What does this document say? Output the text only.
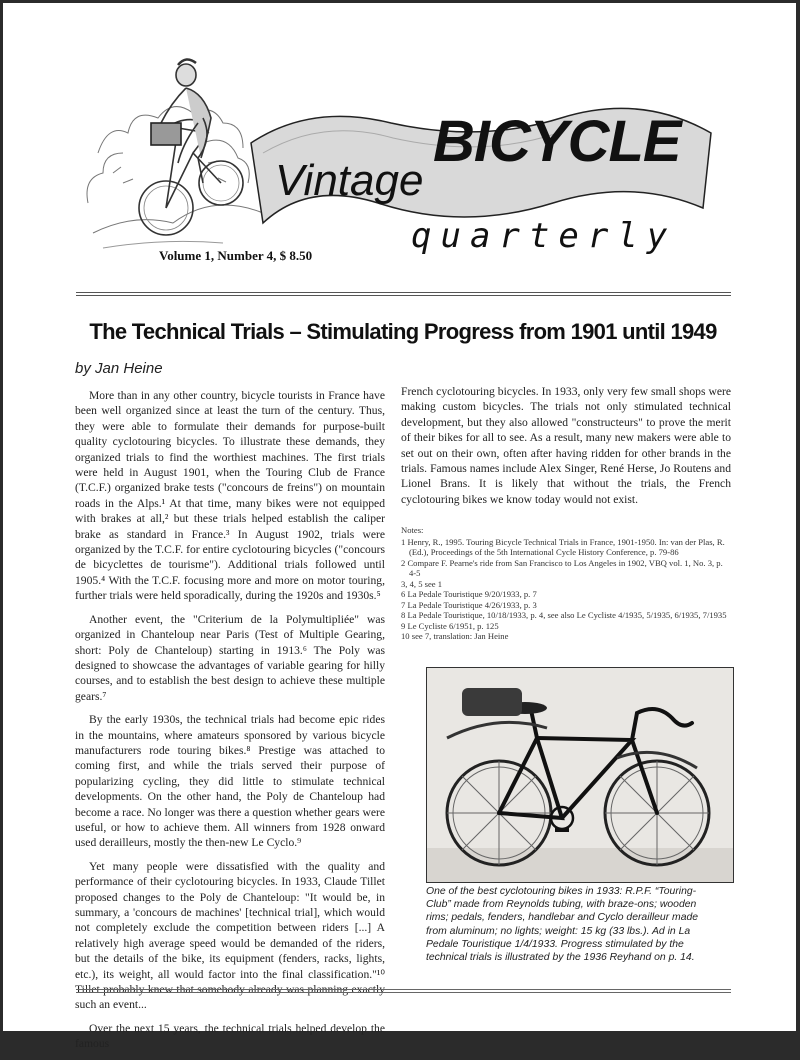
Vintage
BICYCLE
quarterly
Volume 1, Number 4, $ 8.50
The Technical Trials – Stimulating Progress from 1901 until 1949
by Jan Heine

More than in any other country, bicycle tourists in France have been well organized since at least the turn of the century. Thus, they were able to formulate their demands for purpose-built quality cyclotouring bicycles. To illustrate these demands, they organized trials to find the worthiest machines. The first trials were held in August 1901, when the Touring Club de France (T.C.F.) organized brake tests ("concours de freins") on mountain roads in the Alps.¹ At that time, many bikes were not equipped with brakes at all,² but these trials helped establish the caliper brake as standard in France.³ In August 1902, trials were organized by the T.C.F. for entire cyclotouring bicycles ("concours de bicyclettes de tourisme"). Additional trials followed until 1905.⁴ With the T.C.F. focusing more and more on motor touring, further trials were held sporadically, during the 1920s and 1930s.⁵

Another event, the "Criterium de la Polymultipliée" was organized in Chanteloup near Paris (Test of Multiple Gearing, short: Poly de Chanteloup) starting in 1913.⁶ The Poly was designed to showcase the advantages of variable gearing for hilly courses, and to establish the best design to achieve these multiple gears.⁷

By the early 1930s, the technical trials had become epic rides in the mountains, where amateurs sponsored by various bicycle manufacturers rode touring bikes.⁸ Prestige was attached to coming first, and while the trials served their purpose of popularizing cycling, they did little to stimulate technical developments. On the other hand, the Poly de Chanteloup had become a race. No longer was there a question whether gears were useful, or how to achieve them. All winners from 1928 onward used derailleurs, mostly the then-new Le Cyclo.⁹

Yet many people were dissatisfied with the quality and performance of their cyclotouring bicycles. In 1933, Claude Tillet proposed changes to the Poly de Chanteloup: "It would be, in summary, a 'concours de machines' [technical trial], which would not completely exclude the competition between riders [...] A relatively high average speed would be demanded of the riders, but the details of the bike, its equipment (fenders, racks, lights, etc.), its weight, all would factor into the final classification."¹⁰ Tillet probably knew that somebody already was planning exactly such an event...

Over the next 15 years, the technical trials helped develop the famous

French cyclotouring bicycles. In 1933, only very few small shops were making custom bicycles. The trials not only stimulated technical development, but they also allowed "constructeurs" to prove the merit of their bikes for all to see. As a result, many new makers were able to set out on their own, often after having ridden for other brands in the trials. Famous names include Alex Singer, René Herse, Jo Routens and Lionel Brans. It is likely that without the trials, the French cyclotouring bikes we know today would not exist.

Notes:
1 Henry, R., 1995. Touring Bicycle Technical Trials in France, 1901-1950. In: van der Plas, R. (Ed.), Proceedings of the 5th International Cycle History Conference, p. 79-86
2 Compare F. Pearne's ride from San Francisco to Los Angeles in 1902, VBQ vol. 1, No. 3, p. 4-5
3, 4, 5 see 1
6 La Pedale Touristique 9/20/1933, p. 7
7 La Pedale Touristique 4/26/1933, p. 3
8 La Pedale Touristique, 10/18/1933, p. 4, see also Le Cycliste 4/1935, 5/1935, 6/1935, 7/1935
9 Le Cycliste 6/1951, p. 125
10 see 7, translation: Jan Heine
One of the best cyclotouring bikes in 1933: R.P.F. “Touring-
Club” made from Reynolds tubing, with braze-ons; wooden
rims; pedals, fenders, handlebar and Cyclo derailleur made
from aluminum; no lights; weight: 15 kg (33 lbs.). Ad in La
Pedale Touristique 1/4/1933. Progress stimulated by the
technical trials is illustrated by the 1936 Reyhand on p. 14.
